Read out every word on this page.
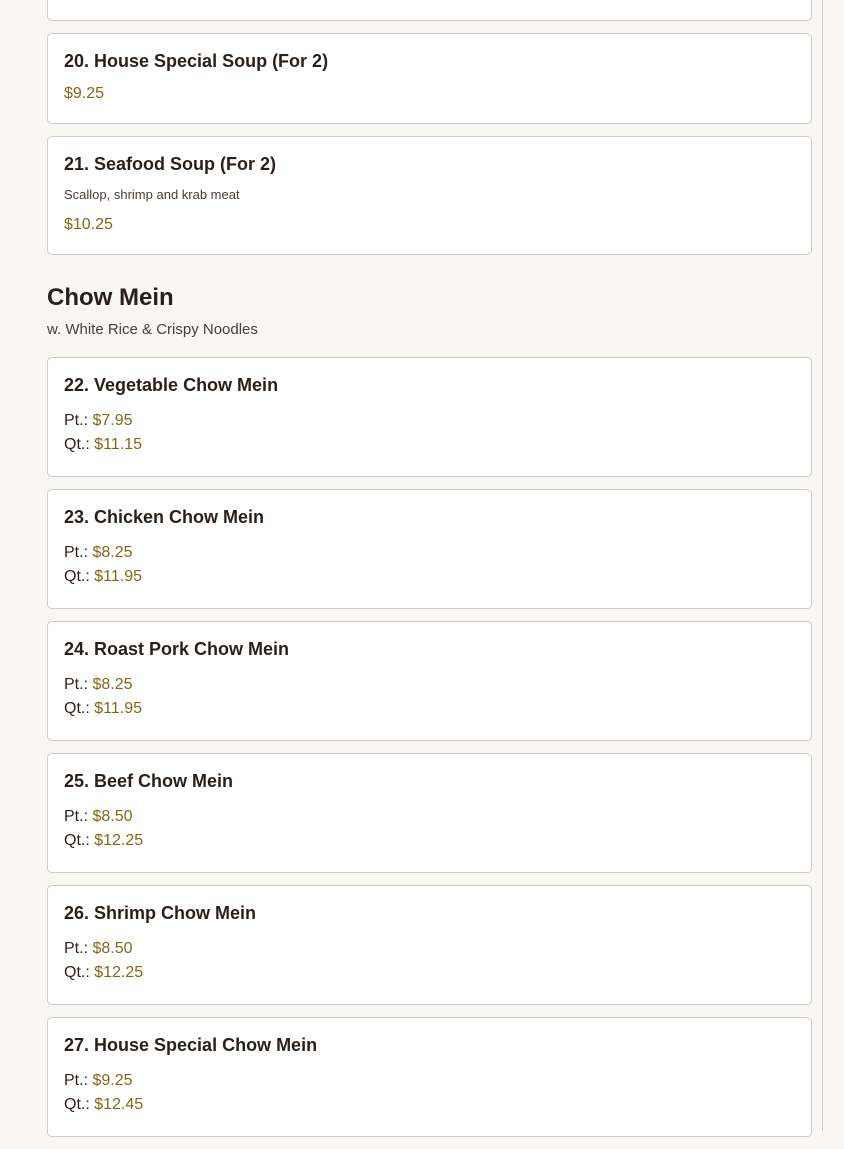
20. House Special Soup (For 2)
$9.25
21. Seafood Soup (For 2)
Scallop, shrimp and krab meat
$10.25
Chow Mein
w. White Rice & Crispy Noodles
22. Vegetable Chow Mein
Pt.: $7.95
Qt.: $11.15
23. Chicken Chow Mein
Pt.: $8.25
Qt.: $11.95
24. Roast Pork Chow Mein
Pt.: $8.25
Qt.: $11.95
25. Beef Chow Mein
Pt.: $8.50
Qt.: $12.25
26. Shrimp Chow Mein
Pt.: $8.50
Qt.: $12.25
27. House Special Chow Mein
Pt.: $9.25
Qt.: $12.45
